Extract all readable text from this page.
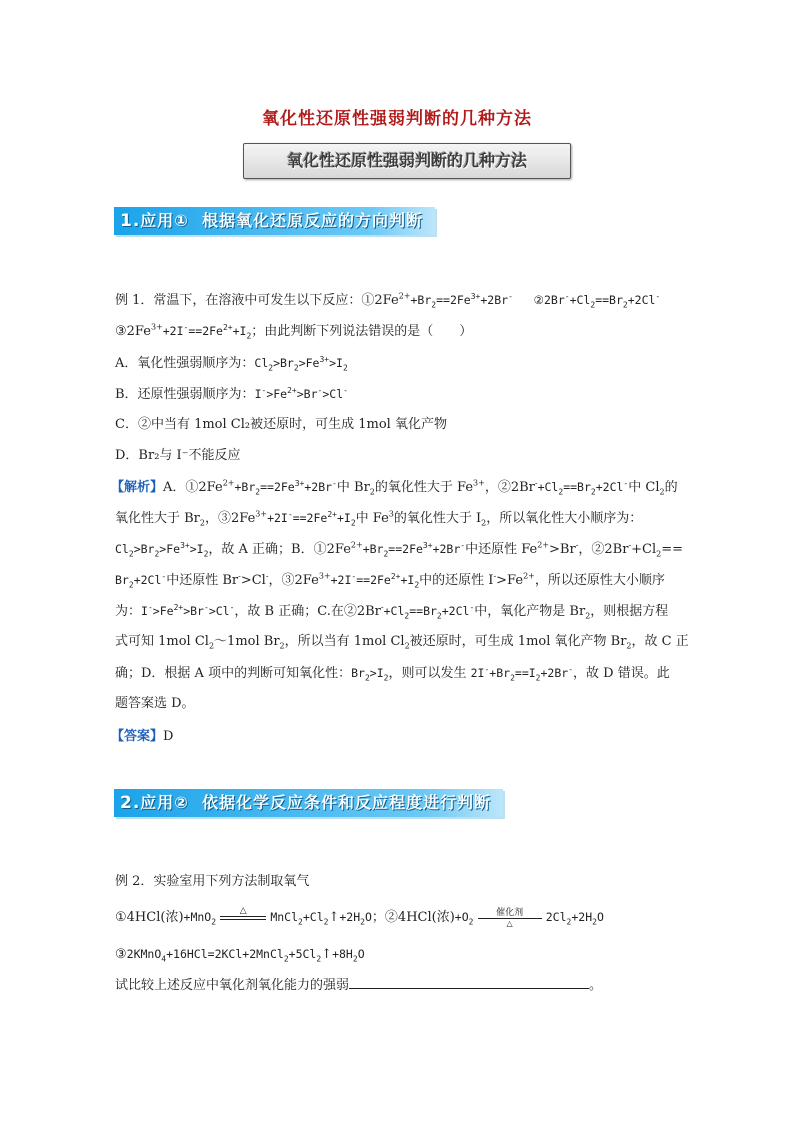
氧化性还原性强弱判断的几种方法
氧化性还原性强弱判断的几种方法
1.应用① 根据氧化还原反应的方向判断
例 1．常温下，在溶液中可发生以下反应：$①2Fe^{2+}+Br_2==2Fe^{3+}+2Br^-$   $②2Br^-+Cl_2==Br_2+2Cl^-$
$③2Fe^{3+}+2I^-==2Fe^{2+}+I_2$；由此判断下列说法错误的是（　　）
A．氧化性强弱顺序为：$Cl_2>Br_2>Fe^{3+}>I_2$
B．还原性强弱顺序为：$I^->Fe^{2+}>Br^->Cl^-$
C．②中当有 1mol Cl₂被还原时，可生成 1mol 氧化产物
D．Br₂与 I⁻不能反应
【解析】A．$①2Fe^{2+}+Br_2==2Fe^{3+}+2Br^-$中 $Br_2$的氧化性大于 $Fe^{3+}$，$②2Br^-+Cl_2==Br_2+2Cl^-$中 $Cl_2$的
氧化性大于 $Br_2$，$③2Fe^{3+}+2I^-==2Fe^{2+}+I_2$中 Fe$^3$的氧化性大于 $I_2$，所以氧化性大小顺序为：
$Cl_2>Br_2>Fe^{3+}>I_2$，故 A 正确；B．$①2Fe^{2+}+Br_2==2Fe^{3+}+2Br^-$中还原性 $Fe^{2+}>Br^-$，$②2Br^-+Cl_2==$
$Br_2+2Cl^-$中还原性 Br->Cl-，$③2Fe^{3+}+2I^-==2Fe^{2+}+I_2$中的还原性 $I^->Fe^{2+}$，所以还原性大小顺序
为：$I^->Fe^{2+}>Br^->Cl^-$，故 B 正确；C.在$②2Br^-+Cl_2==Br_2+2Cl^-$中，氧化产物是 $Br_2$，则根据方程
式可知 1mol $Cl_2\sim 1mol$ $Br_2$，所以当有 1mol $Cl_2$被还原时，可生成 1mol 氧化产物 $Br_2$，故 C 正
确；D．根据 A 项中的判断可知氧化性：$Br_2>I_2$，则可以发生 $2I^-+Br_2==I_2+2Br^-$，故 D 错误。此
题答案选 D。
【答案】D
2.应用② 依据化学反应条件和反应程度进行判断
例 2．实验室用下列方法制取氧气
①4HCl(浓)+MnO$_2$
△
	$MnCl_2+Cl_2↑+2H_2O$；②4HCl(浓)$+O_2$
催化剂
△	$2Cl_2+2H_2O$
$③2KMnO_4+16HCl=2KCl+2MnCl_2+5Cl_2↑+8H_2O$
试比较上述反应中氧化剂氧化能力的强弱	。
